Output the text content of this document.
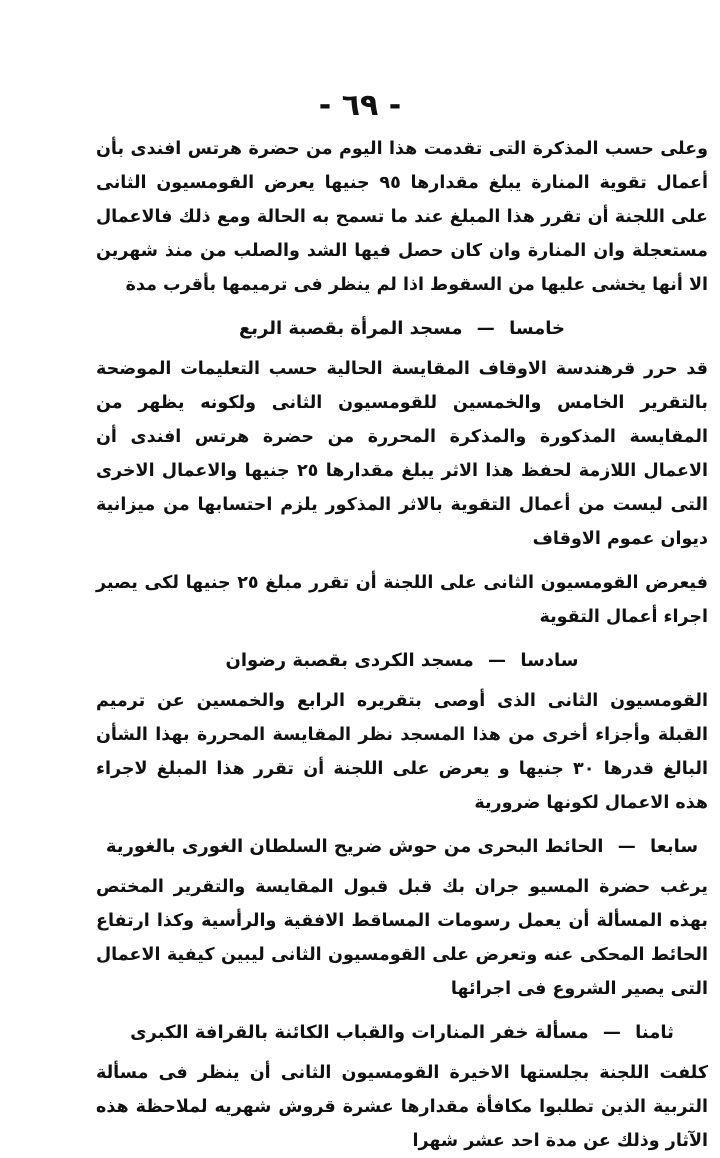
- ٦٩ -

وعلى حسب المذكرة التى تقدمت هذا اليوم من حضرة هرتس افندى بأن أعمال تقوية المنارة يبلغ مقدارها ٩٥ جنيها يعرض القومسيون الثانى على اللجنة أن تقرر هذا المبلغ عند ما تسمح به الحالة ومع ذلك فالاعمال مستعجلة وان المنارة وان كان حصل فيها الشد والصلب من منذ شهرين الا أنها يخشى عليها من السقوط اذا لم ينظر فى ترميمها بأقرب مدة

خامسا — مسجد المرأة بقصبة الربع

قد حرر قرهندسة الاوقاف المقايسة الحالية حسب التعليمات الموضحة بالتقرير الخامس والخمسين للقومسيون الثانى ولكونه يظهر من المقايسة المذكورة والمذكرة المحررة من حضرة هرتس افندى أن الاعمال اللازمة لحفظ هذا الاثر يبلغ مقدارها ٢٥ جنيها والاعمال الاخرى التى ليست من أعمال التقوية بالاثر المذكور يلزم احتسابها من ميزانية ديوان عموم الاوقاف

فيعرض القومسيون الثانى على اللجنة أن تقرر مبلغ ٢٥ جنيها لكى يصير اجراء أعمال التقوية

سادسا — مسجد الكردى بقصبة رضوان

القومسيون الثانى الذى أوصى بتقريره الرابع والخمسين عن ترميم القبلة وأجزاء أخرى من هذا المسجد نظر المقايسة المحررة بهذا الشأن البالغ قدرها ٣٠ جنيها و يعرض على اللجنة أن تقرر هذا المبلغ لاجراء هذه الاعمال لكونها ضرورية

سابعا — الحائط البحرى من حوش ضريح السلطان الغورى بالغورية

يرغب حضرة المسيو جران بك قبل قبول المقايسة والتقرير المختص بهذه المسألة أن يعمل رسومات المساقط الافقية والرأسية وكذا ارتفاع الحائط المحكى عنه وتعرض على القومسيون الثانى ليبين كيفية الاعمال التى يصير الشروع فى اجرائها

ثامنا — مسألة خفر المنارات والقباب الكائنة بالقرافة الكبرى

كلفت اللجنة بجلستها الاخيرة القومسيون الثانى أن ينظر فى مسألة التربية الذين تطلبوا مكافأة مقدارها عشرة قروش شهريه لملاحظة هذه الآثار وذلك عن مدة احد عشر شهرا
